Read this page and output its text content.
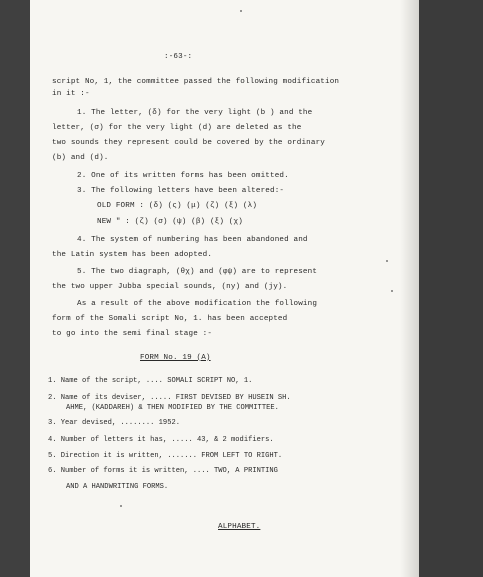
:-63-:
script No, 1, the committee passed the following modification
in it :-
1. The letter, (δ) for the very light (b ) and the
letter, (σ) for the very light (d) are deleted as the
two sounds they represent could be covered by the ordinary
(b) and (d).
2. One of its written forms has been omitted.
3. The following letters have been altered:-
OLD FORM : (δ) (ς) (μ) (ζ) (ξ) (λ)
NEW " : (ζ) (σ) (ψ) (β) (ξ) (χ)
4. The system of numbering has been abandoned and
the Latin system has been adopted.
5. The two diagraph, (θχ) and (φψ) are to represent
the two upper Jubba special sounds, (ny) and (jy).
As a result of the above modification the following
form of the Somali script No, 1. has been accepted
to go into the semi final stage :-
FORM No. 19 (A)
1. Name of the script, .... SOMALI SCRIPT NO, 1.
2. Name of its deviser, ..... FIRST DEVISED BY HUSEIN SH.
AHME, (KADDAREH) & THEN MODIFIED BY THE COMMITTEE.
3. Year devised, ........ 1952.
4. Number of letters it has, ..... 43, & 2 modifiers.
5. Direction it is written, ....... FROM LEFT TO RIGHT.
6. Number of forms it is written, .... TWO, A PRINTING
AND A HANDWRITING FORMS.
ALPHABET.
